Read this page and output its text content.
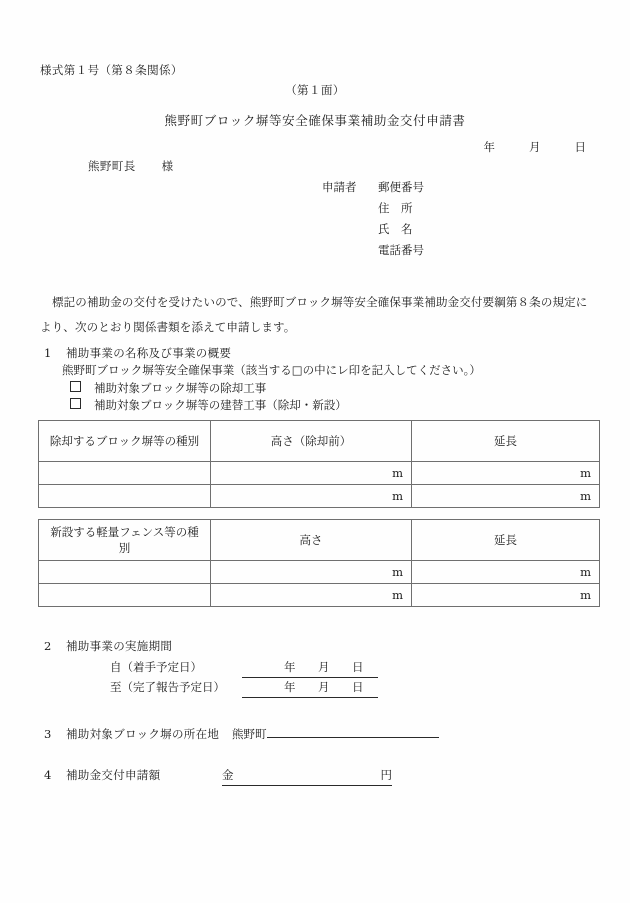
様式第１号（第８条関係）
（第１面）
熊野町ブロック塀等安全確保事業補助金交付申請書
年	月	日
熊野町長 様
申請者 郵便番号
住　所
氏　名
電話番号
標記の補助金の交付を受けたいので、熊野町ブロック塀等安全確保事業補助金交付要綱第８条の規定により、次のとおり関係書類を添えて申請します。
1 補助事業の名称及び事業の概要
熊野町ブロック塀等安全確保事業（該当する□の中にレ印を記入してください。）
補助対象ブロック塀等の除却工事
補助対象ブロック塀等の建替工事（除却・新設）
除却するブロック塀等の種別	高さ（除却前）	延長
	m	m
	m	m
新設する軽量フェンス等の種別	高さ	延長
	m	m
	m	m
2 補助事業の実施期間
自（着手予定日）	年 月 日
至（完了報告予定日）	年 月 日
3 補助対象ブロック塀の所在地 熊野町
4 補助金交付申請額	金	円
